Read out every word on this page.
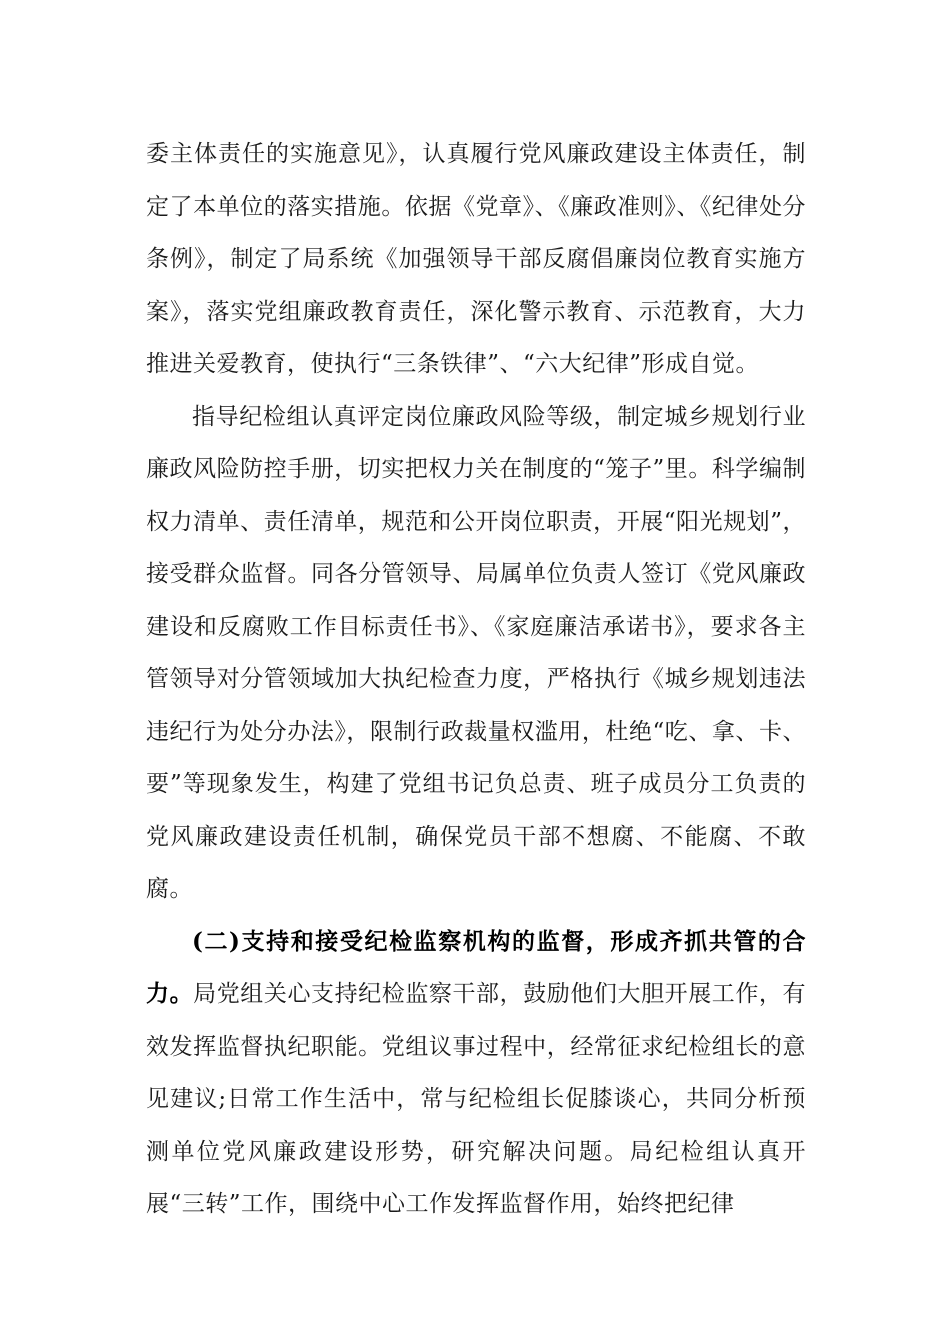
委主体责任的实施意见》，认真履行党风廉政建设主体责任，制定了本单位的落实措施。依据《党章》、《廉政准则》、《纪律处分条例》，制定了局系统《加强领导干部反腐倡廉岗位教育实施方案》，落实党组廉政教育责任，深化警示教育、示范教育，大力推进关爱教育，使执行“三条铁律”、“六大纪律”形成自觉。

指导纪检组认真评定岗位廉政风险等级，制定城乡规划行业廉政风险防控手册，切实把权力关在制度的“笼子”里。科学编制权力清单、责任清单，规范和公开岗位职责，开展“阳光规划”，接受群众监督。同各分管领导、局属单位负责人签订《党风廉政建设和反腐败工作目标责任书》、《家庭廉洁承诺书》，要求各主管领导对分管领域加大执纪检查力度，严格执行《城乡规划违法违纪行为处分办法》，限制行政裁量权滥用，杜绝“吃、拿、卡、要”等现象发生，构建了党组书记负总责、班子成员分工负责的党风廉政建设责任机制，确保党员干部不想腐、不能腐、不敢腐。

(二)支持和接受纪检监察机构的监督，形成齐抓共管的合力。局党组关心支持纪检监察干部，鼓励他们大胆开展工作，有效发挥监督执纪职能。党组议事过程中，经常征求纪检组长的意见建议;日常工作生活中，常与纪检组长促膝谈心，共同分析预测单位党风廉政建设形势，研究解决问题。局纪检组认真开展“三转”工作，围绕中心工作发挥监督作用，始终把纪律
